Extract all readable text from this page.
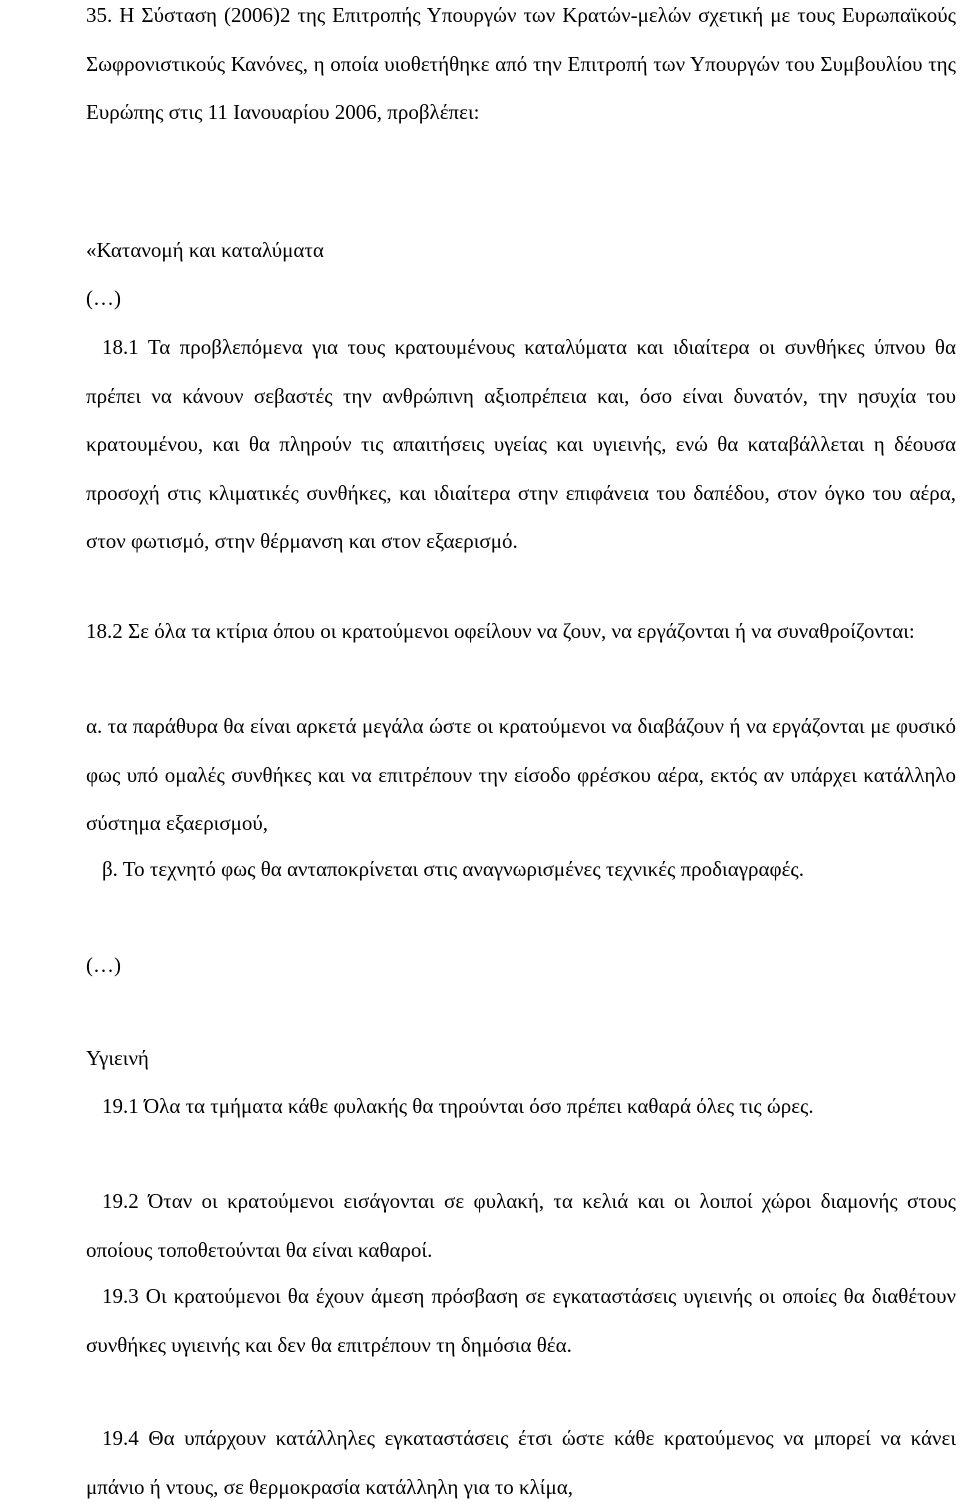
35. Η Σύσταση (2006)2 της Επιτροπής Υπουργών των Κρατών-μελών σχετική με τους Ευρωπαϊκούς Σωφρονιστικούς Κανόνες, η οποία υιοθετήθηκε από την Επιτροπή των Υπουργών του Συμβουλίου της Ευρώπης στις 11 Ιανουαρίου 2006, προβλέπει:

«Κατανομή και καταλύματα

(…)

18.1 Τα προβλεπόμενα για τους κρατουμένους καταλύματα και ιδιαίτερα οι συνθήκες ύπνου θα πρέπει να κάνουν σεβαστές την ανθρώπινη αξιοπρέπεια και, όσο είναι δυνατόν, την ησυχία του κρατουμένου, και θα πληρούν τις απαιτήσεις υγείας και υγιεινής, ενώ θα καταβάλλεται η δέουσα προσοχή στις κλιματικές συνθήκες, και ιδιαίτερα στην επιφάνεια του δαπέδου, στον όγκο του αέρα, στον φωτισμό, στην θέρμανση και στον εξαερισμό.

18.2 Σε όλα τα κτίρια όπου οι κρατούμενοι οφείλουν να ζουν, να εργάζονται ή να συναθροίζονται:

α. τα παράθυρα θα είναι αρκετά μεγάλα ώστε οι κρατούμενοι να διαβάζουν ή να εργάζονται με φυσικό φως υπό ομαλές συνθήκες και να επιτρέπουν την είσοδο φρέσκου αέρα, εκτός αν υπάρχει κατάλληλο σύστημα εξαερισμού,

β. Το τεχνητό φως θα ανταποκρίνεται στις αναγνωρισμένες τεχνικές προδιαγραφές.

(…)

Υγιεινή

19.1 Όλα τα τμήματα κάθε φυλακής θα τηρούνται όσο πρέπει καθαρά όλες τις ώρες.

19.2 Όταν οι κρατούμενοι εισάγονται σε φυλακή, τα κελιά και οι λοιποί χώροι διαμονής στους οποίους τοποθετούνται θα είναι καθαροί.

19.3 Οι κρατούμενοι θα έχουν άμεση πρόσβαση σε εγκαταστάσεις υγιεινής οι οποίες θα διαθέτουν συνθήκες υγιεινής και δεν θα επιτρέπουν τη δημόσια θέα.

19.4 Θα υπάρχουν κατάλληλες εγκαταστάσεις έτσι ώστε κάθε κρατούμενος να μπορεί να κάνει μπάνιο ή ντους, σε θερμοκρασία κατάλληλη για το κλίμα,
